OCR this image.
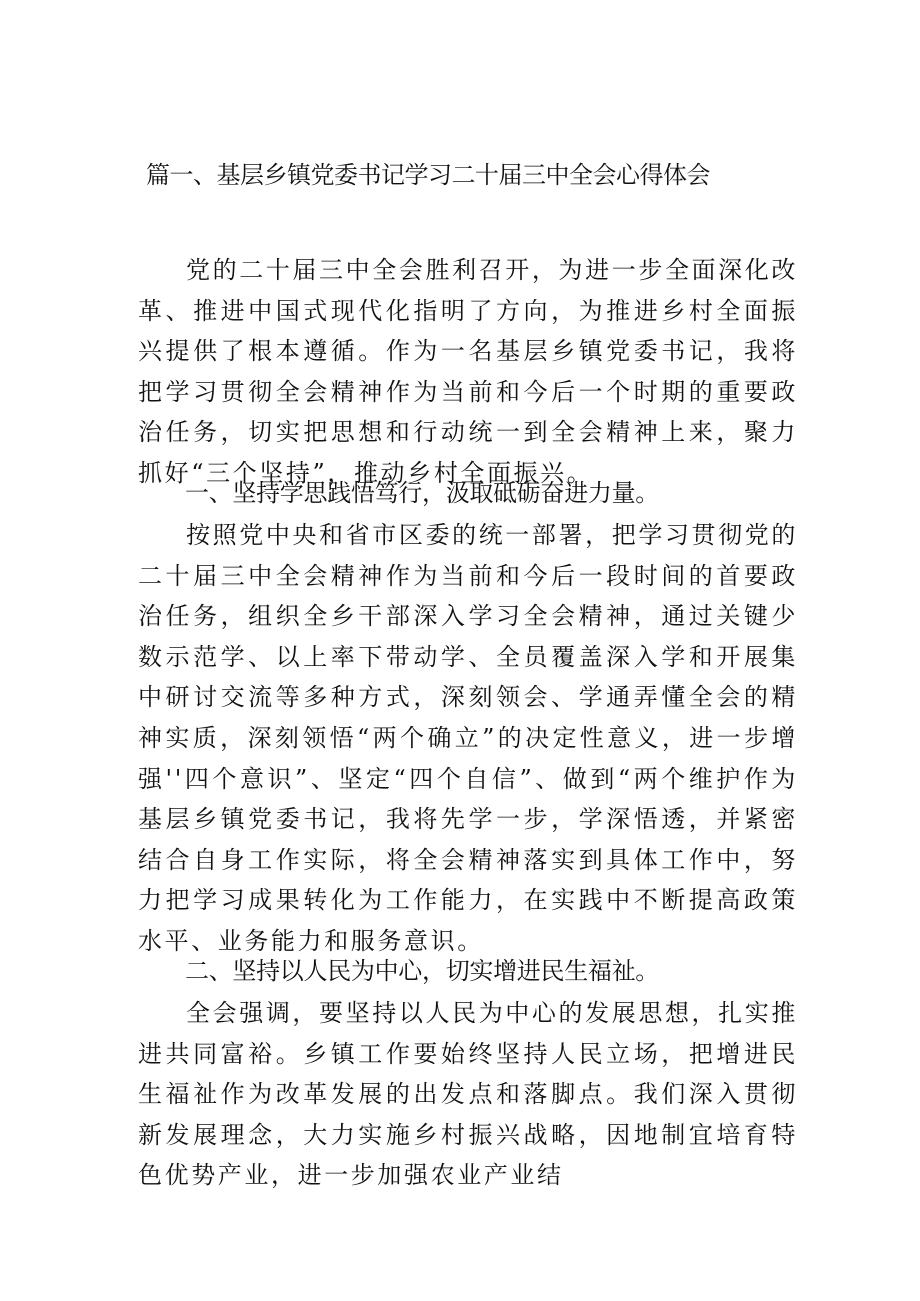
篇一、基层乡镇党委书记学习二十届三中全会心得体会

党的二十届三中全会胜利召开，为进一步全面深化改革、推进中国式现代化指明了方向，为推进乡村全面振兴提供了根本遵循。作为一名基层乡镇党委书记，我将把学习贯彻全会精神作为当前和今后一个时期的重要政治任务，切实把思想和行动统一到全会精神上来，聚力抓好“三个坚持”，推动乡村全面振兴。

一、坚持学思践悟笃行，汲取砥砺奋进力量。

按照党中央和省市区委的统一部署，把学习贯彻党的二十届三中全会精神作为当前和今后一段时间的首要政治任务，组织全乡干部深入学习全会精神，通过关键少数示范学、以上率下带动学、全员覆盖深入学和开展集中研讨交流等多种方式，深刻领会、学通弄懂全会的精神实质，深刻领悟“两个确立”的决定性意义，进一步增强''四个意识”、坚定“四个自信”、做到“两个维护作为基层乡镇党委书记，我将先学一步，学深悟透，并紧密结合自身工作实际，将全会精神落实到具体工作中，努力把学习成果转化为工作能力，在实践中不断提高政策水平、业务能力和服务意识。

二、坚持以人民为中心，切实增进民生福祉。

全会强调，要坚持以人民为中心的发展思想，扎实推进共同富裕。乡镇工作要始终坚持人民立场，把增进民生福祉作为改革发展的出发点和落脚点。我们深入贯彻新发展理念，大力实施乡村振兴战略，因地制宜培育特色优势产业，进一步加强农业产业结
